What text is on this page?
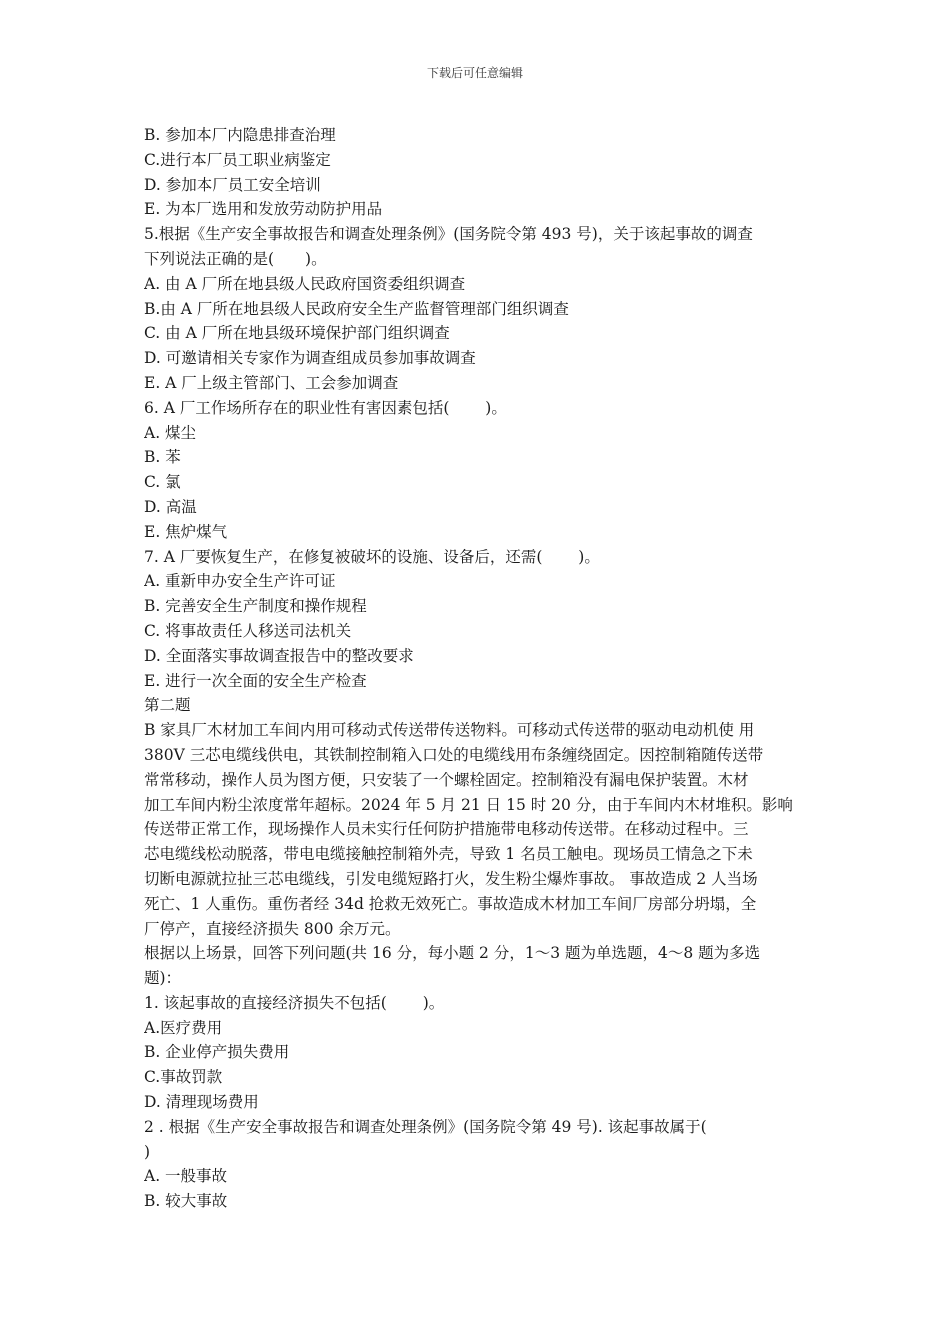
下载后可任意编辑
B. 参加本厂内隐患排查治理
C.进行本厂员工职业病鉴定
D. 参加本厂员工安全培训
E. 为本厂选用和发放劳动防护用品
5.根据《生产安全事故报告和调查处理条例》(国务院令第 493 号)，关于该起事故的调查
下列说法正确的是(　　)。
A. 由 A 厂所在地县级人民政府国资委组织调查
B.由 A 厂所在地县级人民政府安全生产监督管理部门组织调查
C. 由 A 厂所在地县级环境保护部门组织调查
D. 可邀请相关专家作为调查组成员参加事故调查
E. A 厂上级主管部门、工会参加调查
6. A 厂工作场所存在的职业性有害因素包括(　　 )。
A. 煤尘
B. 苯
C. 氯
D. 高温
E. 焦炉煤气
7. A 厂要恢复生产，在修复被破坏的设施、设备后，还需(　　 )。
A. 重新申办安全生产许可证
B. 完善安全生产制度和操作规程
C. 将事故责任人移送司法机关
D. 全面落实事故调查报告中的整改要求
E. 进行一次全面的安全生产检查
第二题
B 家具厂木材加工车间内用可移动式传送带传送物料。可移动式传送带的驱动电动机使 用
380V 三芯电缆线供电，其铁制控制箱入口处的电缆线用布条缠绕固定。因控制箱随传送带
常常移动，操作人员为图方便，只安装了一个螺栓固定。控制箱没有漏电保护装置。木材
加工车间内粉尘浓度常年超标。2024 年 5 月 21 日 15 时 20 分，由于车间内木材堆积。影响
传送带正常工作，现场操作人员未实行任何防护措施带电移动传送带。在移动过程中。三
芯电缆线松动脱落，带电电缆接触控制箱外壳，导致 1 名员工触电。现场员工情急之下未
切断电源就拉扯三芯电缆线，引发电缆短路打火，发生粉尘爆炸事故。 事故造成 2 人当场
死亡、1 人重伤。重伤者经 34d 抢救无效死亡。事故造成木材加工车间厂房部分坍塌，全
厂停产，直接经济损失 800 余万元。
根据以上场景，回答下列问题(共 16 分，每小题 2 分，1～3 题为单选题，4～8 题为多选
题)：
1. 该起事故的直接经济损失不包括(　　 )。
A.医疗费用
B. 企业停产损失费用
C.事故罚款
D. 清理现场费用
2 . 根据《生产安全事故报告和调查处理条例》(国务院令第 49 号). 该起事故属于(
)
A. 一般事故
B. 较大事故
